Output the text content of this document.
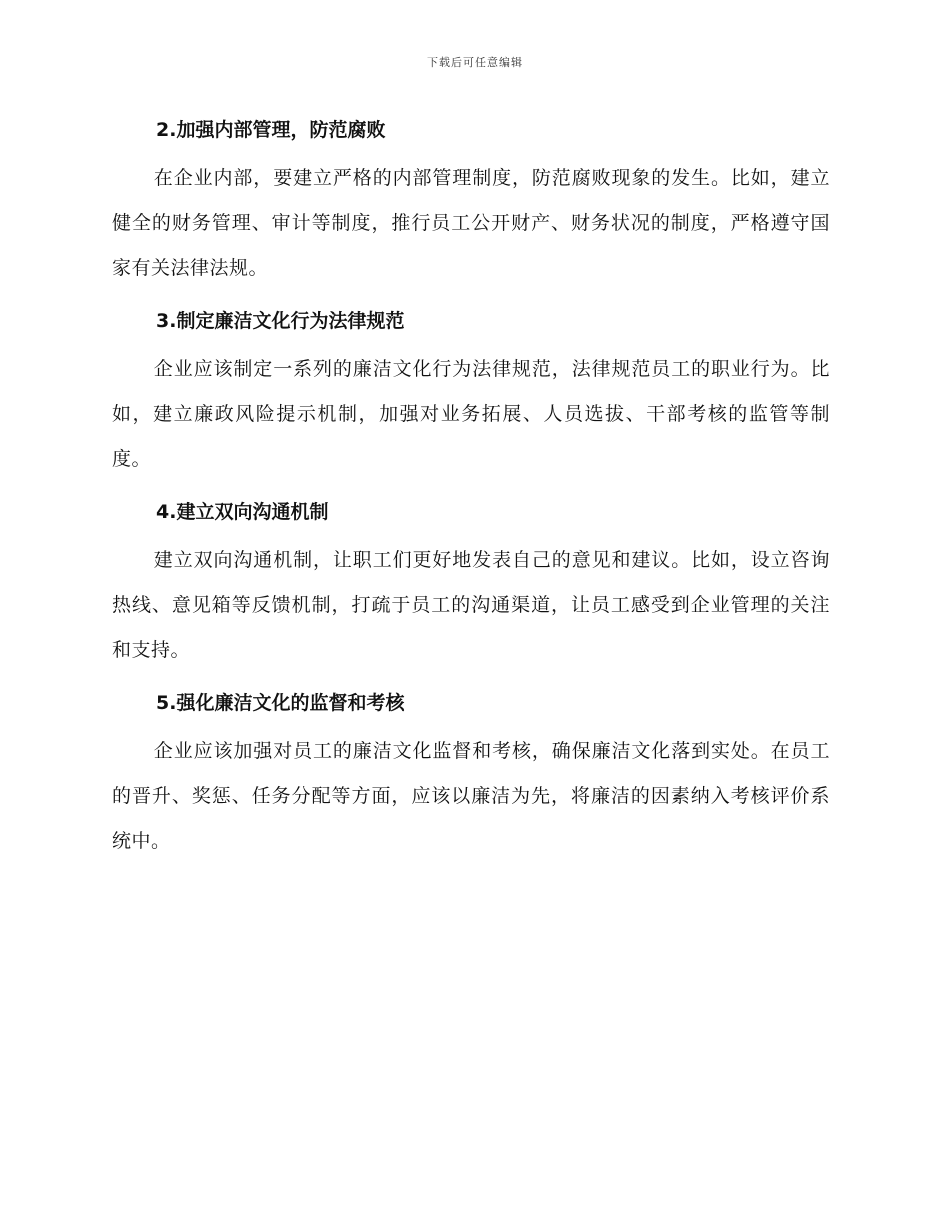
下载后可任意编辑
2.加强内部管理，防范腐败

在企业内部，要建立严格的内部管理制度，防范腐败现象的发生。比如，建立健全的财务管理、审计等制度，推行员工公开财产、财务状况的制度，严格遵守国家有关法律法规。

3.制定廉洁文化行为法律规范

企业应该制定一系列的廉洁文化行为法律规范，法律规范员工的职业行为。比如，建立廉政风险提示机制，加强对业务拓展、人员选拔、干部考核的监管等制度。

4.建立双向沟通机制

建立双向沟通机制，让职工们更好地发表自己的意见和建议。比如，设立咨询热线、意见箱等反馈机制，打疏于员工的沟通渠道，让员工感受到企业管理的关注和支持。

5.强化廉洁文化的监督和考核

企业应该加强对员工的廉洁文化监督和考核，确保廉洁文化落到实处。在员工的晋升、奖惩、任务分配等方面，应该以廉洁为先，将廉洁的因素纳入考核评价系统中。
